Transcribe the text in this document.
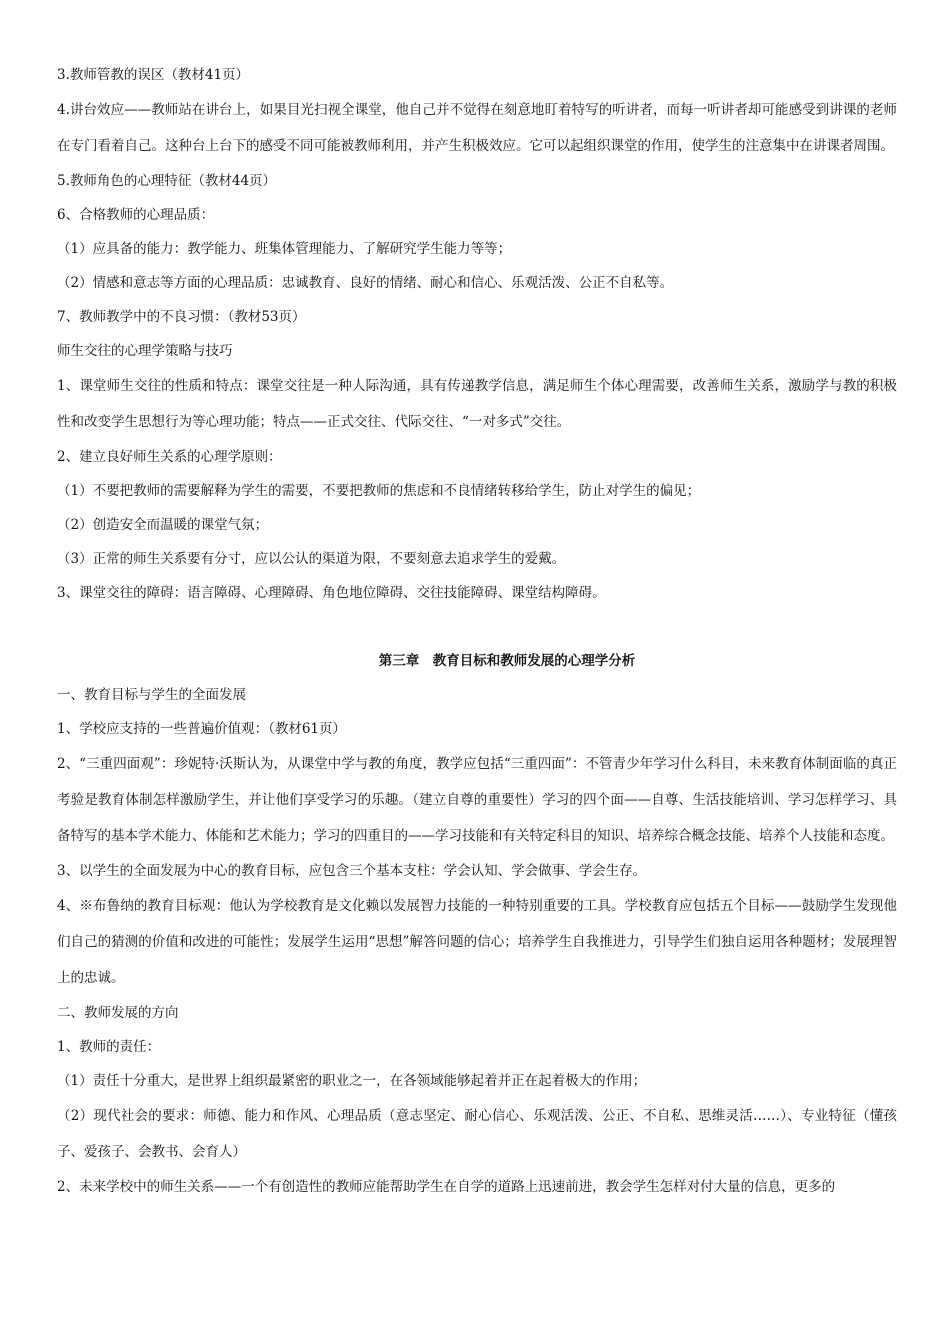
3.教师管教的误区（教材41页）

4.讲台效应——教师站在讲台上，如果目光扫视全课堂，他自己并不觉得在刻意地盯着特写的听讲者，而每一听讲者却可能感受到讲课的老师在专门看着自己。这种台上台下的感受不同可能被教师利用，并产生积极效应。它可以起组织课堂的作用，使学生的注意集中在讲课者周围。

5.教师角色的心理特征（教材44页）

6、合格教师的心理品质：

（1）应具备的能力：教学能力、班集体管理能力、了解研究学生能力等等；

（2）情感和意志等方面的心理品质：忠诚教育、良好的情绪、耐心和信心、乐观活泼、公正不自私等。

7、教师教学中的不良习惯：（教材53页）

师生交往的心理学策略与技巧

1、课堂师生交往的性质和特点：课堂交往是一种人际沟通，具有传递教学信息，满足师生个体心理需要，改善师生关系，激励学与教的积极性和改变学生思想行为等心理功能；特点——正式交往、代际交往、“一对多式”交往。

2、建立良好师生关系的心理学原则：

（1）不要把教师的需要解释为学生的需要，不要把教师的焦虑和不良情绪转移给学生，防止对学生的偏见；

（2）创造安全而温暖的课堂气氛；

（3）正常的师生关系要有分寸，应以公认的渠道为限，不要刻意去追求学生的爱戴。

3、课堂交往的障碍：语言障碍、心理障碍、角色地位障碍、交往技能障碍、课堂结构障碍。

第三章　教育目标和教师发展的心理学分析

一、教育目标与学生的全面发展

1、学校应支持的一些普遍价值观：（教材61页）

2、“三重四面观”：珍妮特·沃斯认为，从课堂中学与教的角度，教学应包括“三重四面”：不管青少年学习什么科目，未来教育体制面临的真正考验是教育体制怎样激励学生，并让他们享受学习的乐趣。（建立自尊的重要性）学习的四个面——自尊、生活技能培训、学习怎样学习、具备特写的基本学术能力、体能和艺术能力；学习的四重目的——学习技能和有关特定科目的知识、培养综合概念技能、培养个人技能和态度。

3、以学生的全面发展为中心的教育目标，应包含三个基本支柱：学会认知、学会做事、学会生存。

4、※布鲁纳的教育目标观：他认为学校教育是文化赖以发展智力技能的一种特别重要的工具。学校教育应包括五个目标——鼓励学生发现他们自己的猜测的价值和改进的可能性；发展学生运用“思想”解答问题的信心；培养学生自我推进力，引导学生们独自运用各种题材；发展理智上的忠诚。

二、教师发展的方向

1、教师的责任：

（1）责任十分重大，是世界上组织最紧密的职业之一，在各领域能够起着并正在起着极大的作用；

（2）现代社会的要求：师德、能力和作风、心理品质（意志坚定、耐心信心、乐观活泼、公正、不自私、思维灵活……）、专业特征（懂孩子、爱孩子、会教书、会育人）

2、未来学校中的师生关系——一个有创造性的教师应能帮助学生在自学的道路上迅速前进，教会学生怎样对付大量的信息，更多的
